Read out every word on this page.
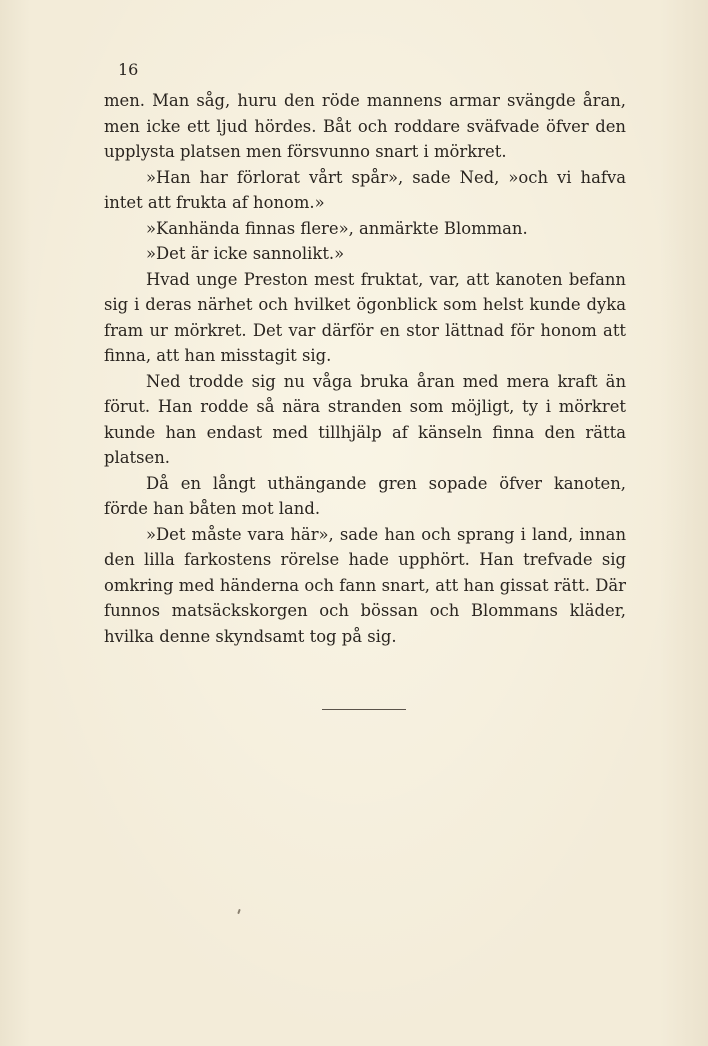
16

men. Man såg, huru den röde mannens armar svängde åran, men icke ett ljud hördes. Båt och roddare sväfvade öfver den upplysta platsen men försvunno snart i mörkret.

»Han har förlorat vårt spår», sade Ned, »och vi hafva intet att frukta af honom.»

»Kanhända finnas flere», anmärkte Blomman.

»Det är icke sannolikt.»

Hvad unge Preston mest fruktat, var, att kanoten befann sig i deras närhet och hvilket ögonblick som helst kunde dyka fram ur mörkret. Det var därför en stor lättnad för honom att finna, att han misstagit sig.

Ned trodde sig nu våga bruka åran med mera kraft än förut. Han rodde så nära stranden som möjligt, ty i mörkret kunde han endast med tillhjälp af känseln finna den rätta platsen.

Då en långt uthängande gren sopade öfver kanoten, förde han båten mot land.

»Det måste vara här», sade han och sprang i land, innan den lilla farkostens rörelse hade upphört. Han trefvade sig omkring med händerna och fann snart, att han gissat rätt. Där funnos matsäckskorgen och bössan och Blommans kläder, hvilka denne skyndsamt tog på sig.
